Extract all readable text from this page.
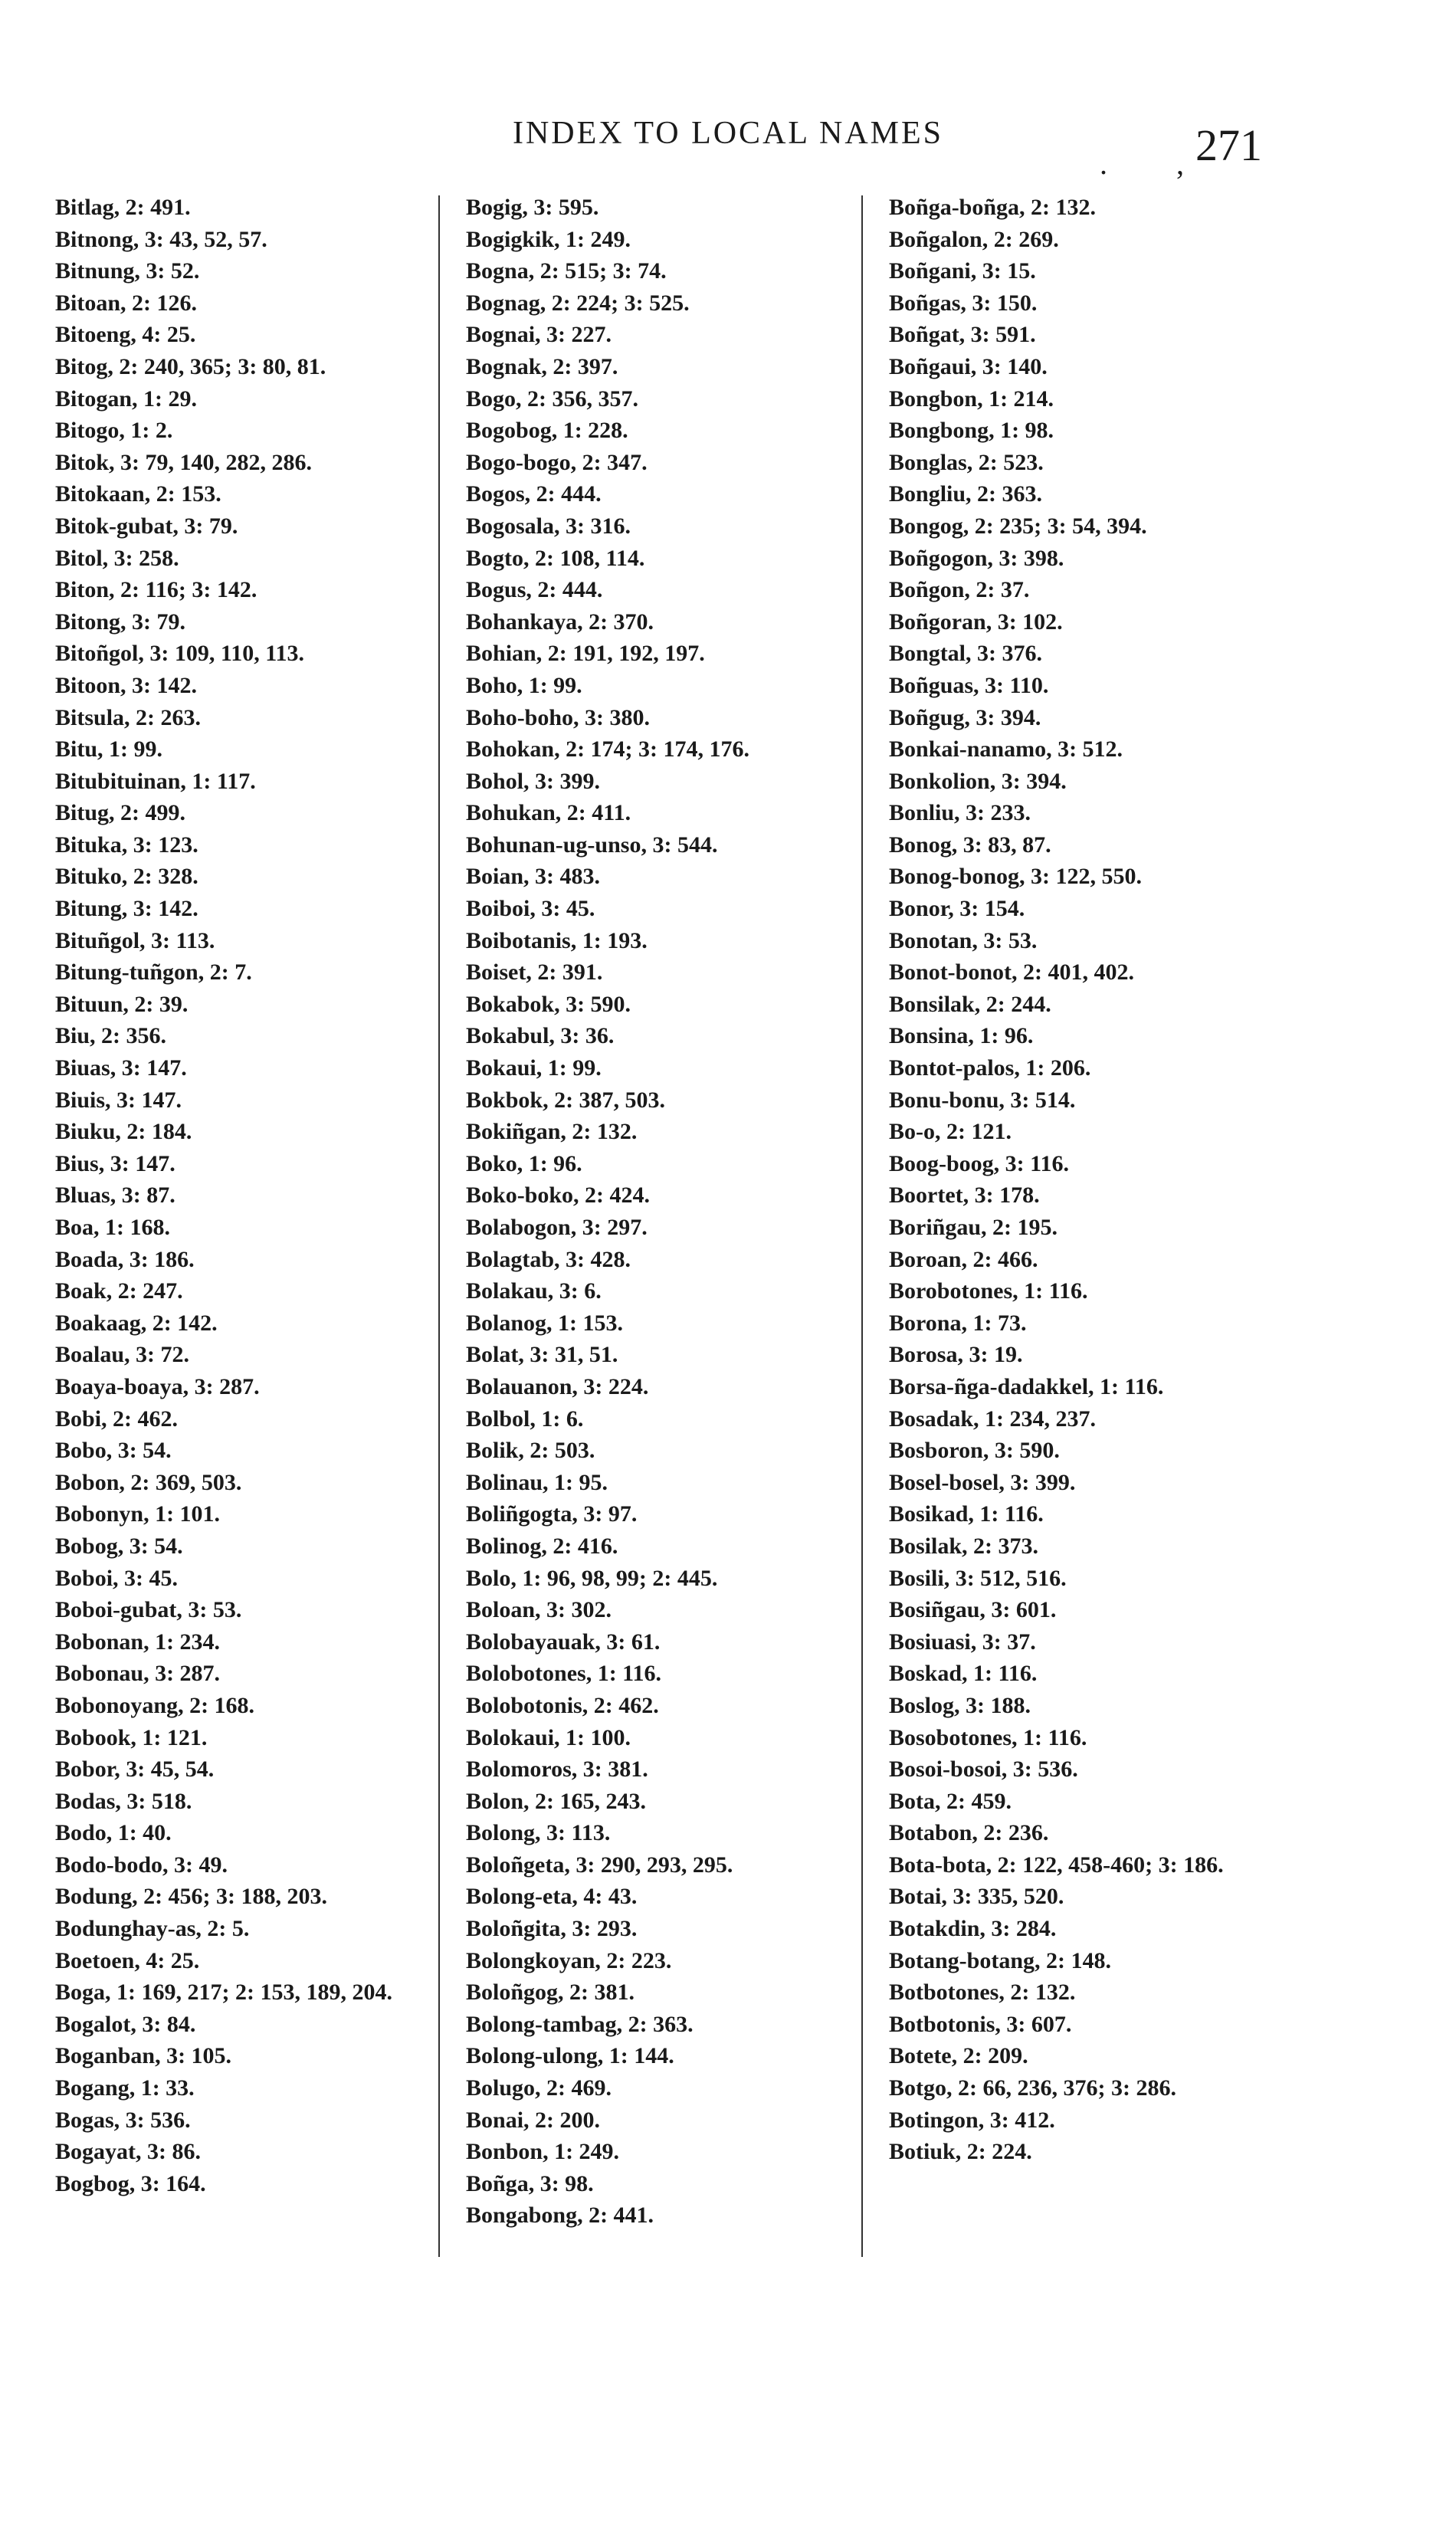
INDEX TO LOCAL NAMES
. ,
271
Bitlag, 2: 491.
Bitnong, 3: 43, 52, 57.
Bitnung, 3: 52.
Bitoan, 2: 126.
Bitoeng, 4: 25.
Bitog, 2: 240, 365; 3: 80, 81.
Bitogan, 1: 29.
Bitogo, 1: 2.
Bitok, 3: 79, 140, 282, 286.
Bitokaan, 2: 153.
Bitok-gubat, 3: 79.
Bitol, 3: 258.
Biton, 2: 116; 3: 142.
Bitong, 3: 79.
Bitoñgol, 3: 109, 110, 113.
Bitoon, 3: 142.
Bitsula, 2: 263.
Bitu, 1: 99.
Bitubituinan, 1: 117.
Bitug, 2: 499.
Bituka, 3: 123.
Bituko, 2: 328.
Bitung, 3: 142.
Bituñgol, 3: 113.
Bitung-tuñgon, 2: 7.
Bituun, 2: 39.
Biu, 2: 356.
Biuas, 3: 147.
Biuis, 3: 147.
Biuku, 2: 184.
Bius, 3: 147.
Bluas, 3: 87.
Boa, 1: 168.
Boada, 3: 186.
Boak, 2: 247.
Boakaag, 2: 142.
Boalau, 3: 72.
Boaya-boaya, 3: 287.
Bobi, 2: 462.
Bobo, 3: 54.
Bobon, 2: 369, 503.
Bobonyn, 1: 101.
Bobog, 3: 54.
Boboi, 3: 45.
Boboi-gubat, 3: 53.
Bobonan, 1: 234.
Bobonau, 3: 287.
Bobonoyang, 2: 168.
Bobook, 1: 121.
Bobor, 3: 45, 54.
Bodas, 3: 518.
Bodo, 1: 40.
Bodo-bodo, 3: 49.
Bodung, 2: 456; 3: 188, 203.
Bodunghay-as, 2: 5.
Boetoen, 4: 25.
Boga, 1: 169, 217; 2: 153, 189, 204.
Bogalot, 3: 84.
Boganban, 3: 105.
Bogang, 1: 33.
Bogas, 3: 536.
Bogayat, 3: 86.
Bogbog, 3: 164.
Bogig, 3: 595.
Bogigkik, 1: 249.
Bogna, 2: 515; 3: 74.
Bognag, 2: 224; 3: 525.
Bognai, 3: 227.
Bognak, 2: 397.
Bogo, 2: 356, 357.
Bogobog, 1: 228.
Bogo-bogo, 2: 347.
Bogos, 2: 444.
Bogosala, 3: 316.
Bogto, 2: 108, 114.
Bogus, 2: 444.
Bohankaya, 2: 370.
Bohian, 2: 191, 192, 197.
Boho, 1: 99.
Boho-boho, 3: 380.
Bohokan, 2: 174; 3: 174, 176.
Bohol, 3: 399.
Bohukan, 2: 411.
Bohunan-ug-unso, 3: 544.
Boian, 3: 483.
Boiboi, 3: 45.
Boibotanis, 1: 193.
Boiset, 2: 391.
Bokabok, 3: 590.
Bokabul, 3: 36.
Bokaui, 1: 99.
Bokbok, 2: 387, 503.
Bokiñgan, 2: 132.
Boko, 1: 96.
Boko-boko, 2: 424.
Bolabogon, 3: 297.
Bolagtab, 3: 428.
Bolakau, 3: 6.
Bolanog, 1: 153.
Bolat, 3: 31, 51.
Bolauanon, 3: 224.
Bolbol, 1: 6.
Bolik, 2: 503.
Bolinau, 1: 95.
Boliñgogta, 3: 97.
Bolinog, 2: 416.
Bolo, 1: 96, 98, 99; 2: 445.
Boloan, 3: 302.
Bolobayauak, 3: 61.
Bolobotones, 1: 116.
Bolobotonis, 2: 462.
Bolokaui, 1: 100.
Bolomoros, 3: 381.
Bolon, 2: 165, 243.
Bolong, 3: 113.
Boloñgeta, 3: 290, 293, 295.
Bolong-eta, 4: 43.
Boloñgita, 3: 293.
Bolongkoyan, 2: 223.
Boloñgog, 2: 381.
Bolong-tambag, 2: 363.
Bolong-ulong, 1: 144.
Bolugo, 2: 469.
Bonai, 2: 200.
Bonbon, 1: 249.
Boñga, 3: 98.
Bongabong, 2: 441.
Boñga-boñga, 2: 132.
Boñgalon, 2: 269.
Boñgani, 3: 15.
Boñgas, 3: 150.
Boñgat, 3: 591.
Boñgaui, 3: 140.
Bongbon, 1: 214.
Bongbong, 1: 98.
Bonglas, 2: 523.
Bongliu, 2: 363.
Bongog, 2: 235; 3: 54, 394.
Boñgogon, 3: 398.
Boñgon, 2: 37.
Boñgoran, 3: 102.
Bongtal, 3: 376.
Boñguas, 3: 110.
Boñgug, 3: 394.
Bonkai-nanamo, 3: 512.
Bonkolion, 3: 394.
Bonliu, 3: 233.
Bonog, 3: 83, 87.
Bonog-bonog, 3: 122, 550.
Bonor, 3: 154.
Bonotan, 3: 53.
Bonot-bonot, 2: 401, 402.
Bonsilak, 2: 244.
Bonsina, 1: 96.
Bontot-palos, 1: 206.
Bonu-bonu, 3: 514.
Bo-o, 2: 121.
Boog-boog, 3: 116.
Boortet, 3: 178.
Boriñgau, 2: 195.
Boroan, 2: 466.
Borobotones, 1: 116.
Borona, 1: 73.
Borosa, 3: 19.
Borsa-ñga-dadakkel, 1: 116.
Bosadak, 1: 234, 237.
Bosboron, 3: 590.
Bosel-bosel, 3: 399.
Bosikad, 1: 116.
Bosilak, 2: 373.
Bosili, 3: 512, 516.
Bosiñgau, 3: 601.
Bosiuasi, 3: 37.
Boskad, 1: 116.
Boslog, 3: 188.
Bosobotones, 1: 116.
Bosoi-bosoi, 3: 536.
Bota, 2: 459.
Botabon, 2: 236.
Bota-bota, 2: 122, 458-460; 3: 186.
Botai, 3: 335, 520.
Botakdin, 3: 284.
Botang-botang, 2: 148.
Botbotones, 2: 132.
Botbotonis, 3: 607.
Botete, 2: 209.
Botgo, 2: 66, 236, 376; 3: 286.
Botingon, 3: 412.
Botiuk, 2: 224.
